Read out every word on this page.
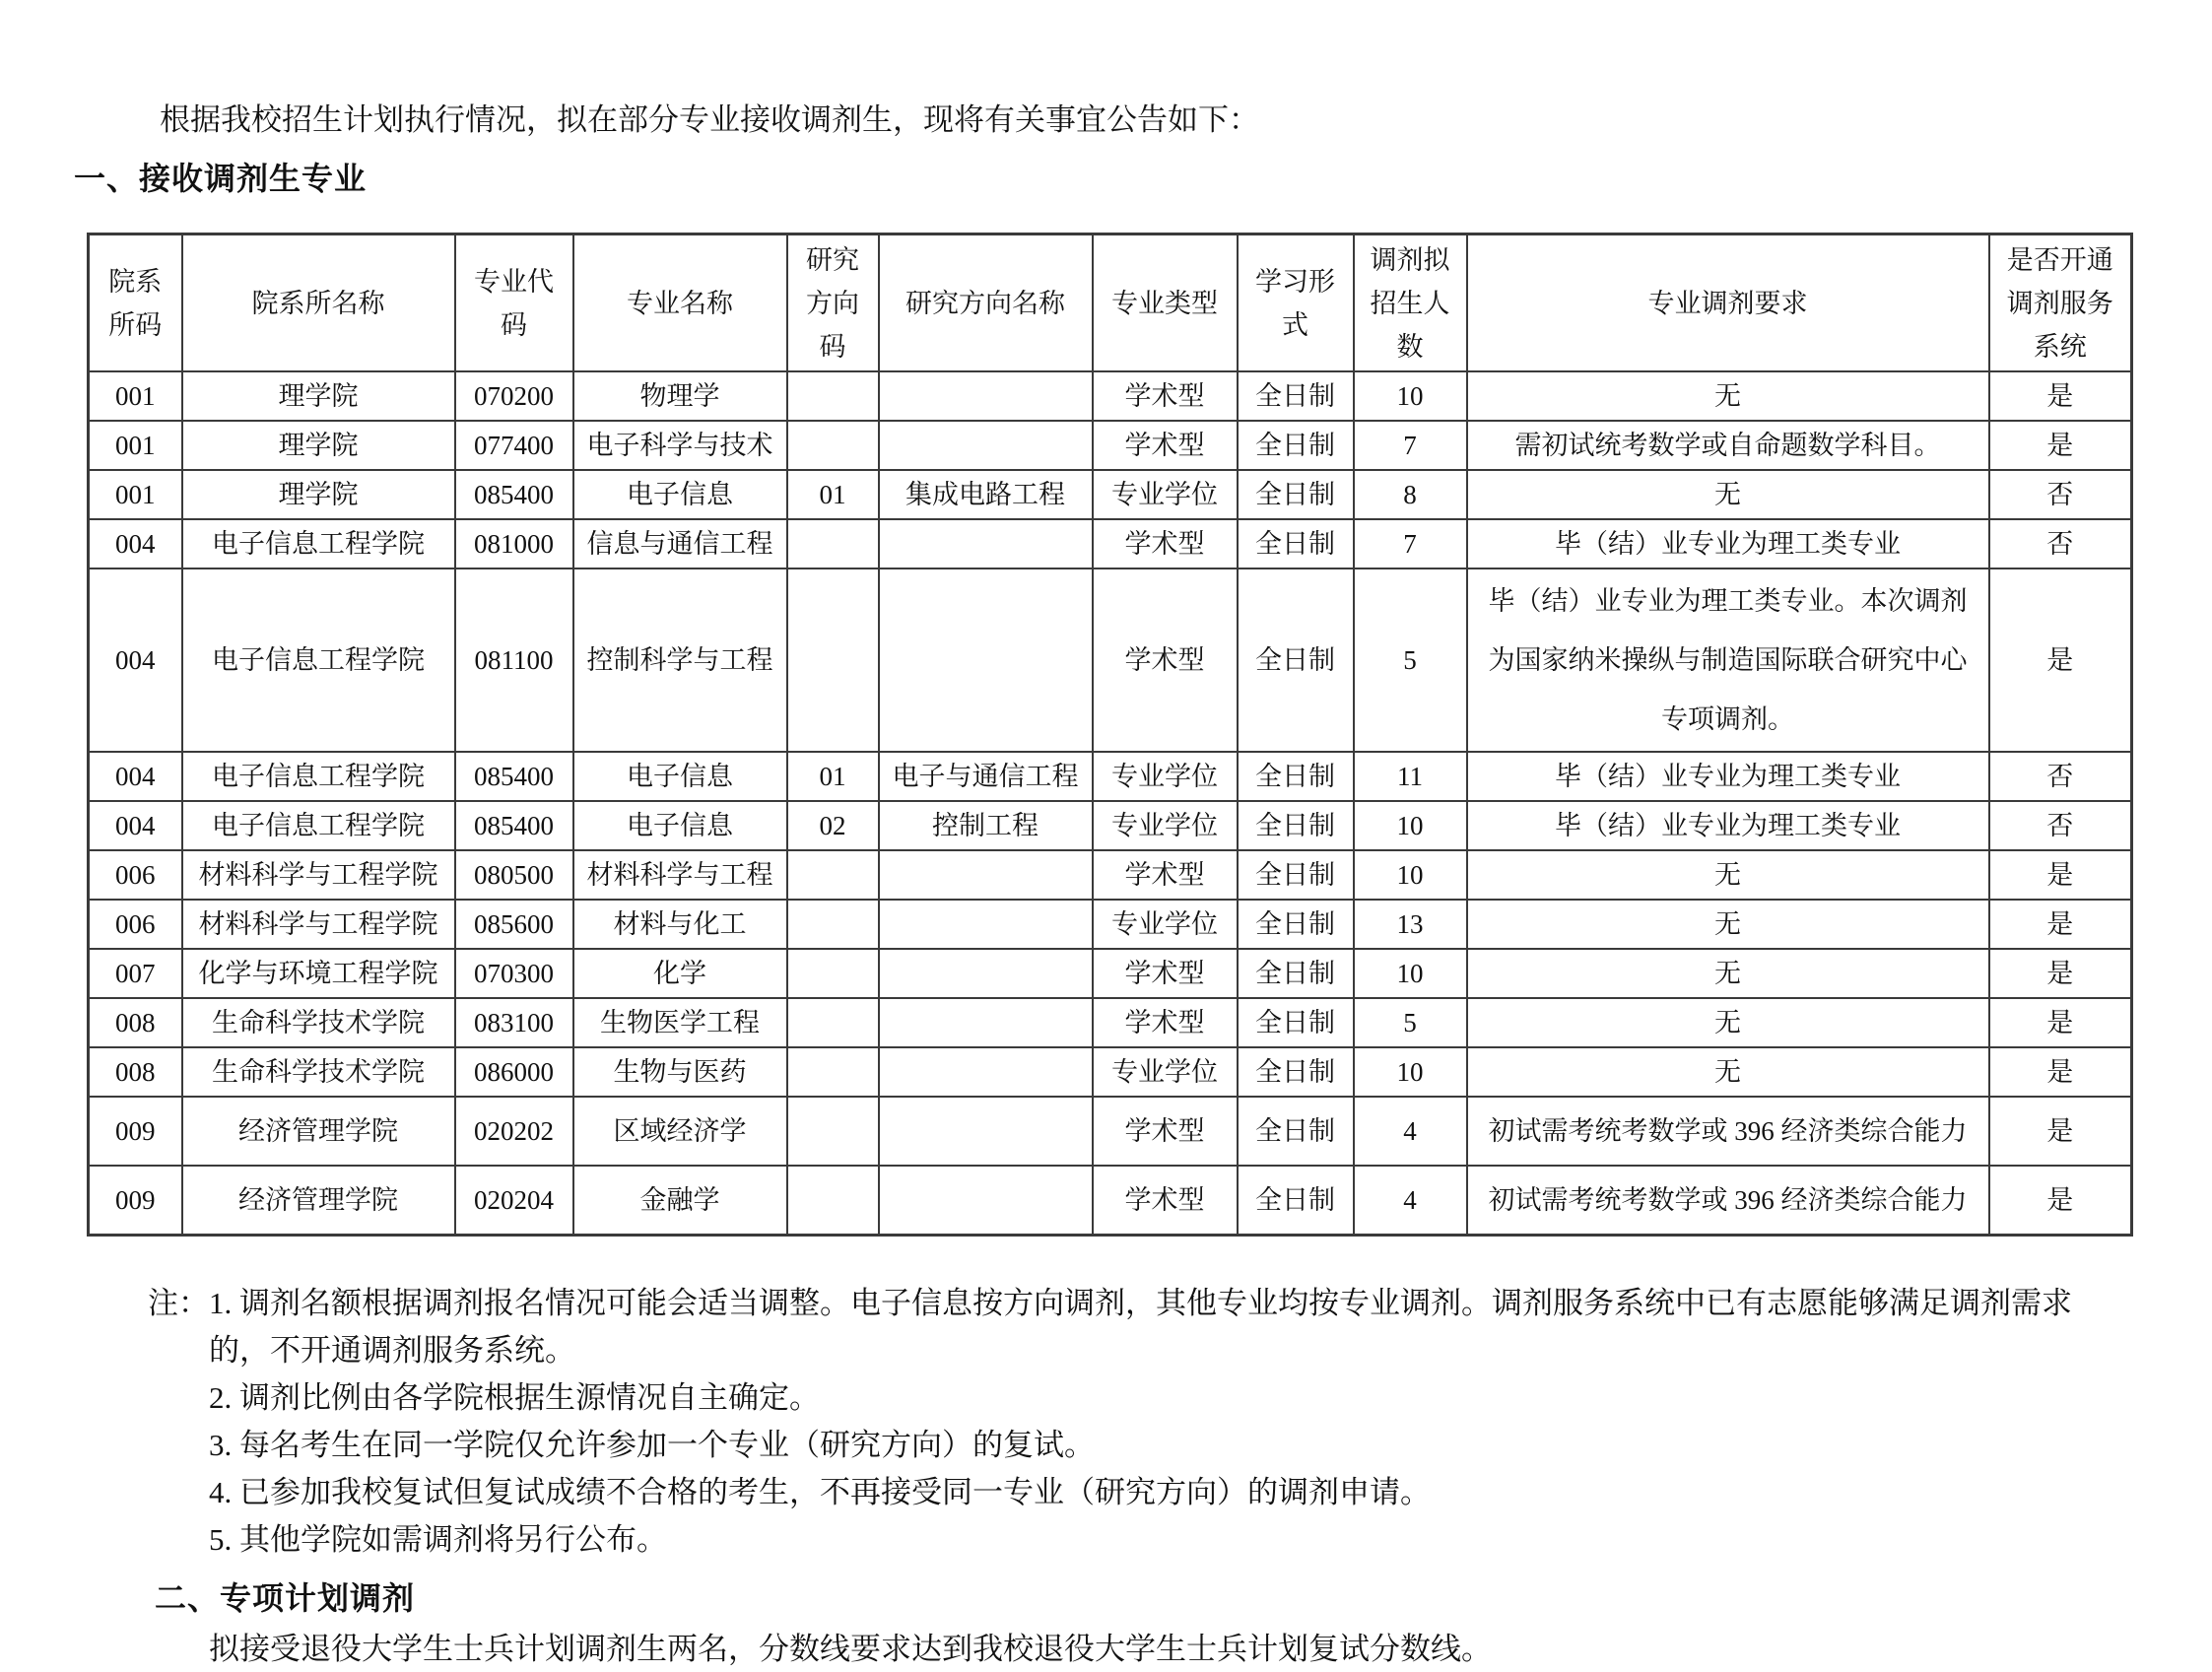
根据我校招生计划执行情况，拟在部分专业接收调剂生，现将有关事宜公告如下：
一、接收调剂生专业
院系所码	院系所名称	专业代码	专业名称	研究方向码	研究方向名称	专业类型	学习形式	调剂拟招生人数	专业调剂要求	是否开通调剂服务系统
001	理学院	070200	物理学			学术型	全日制	10	无	是
001	理学院	077400	电子科学与技术			学术型	全日制	7	需初试统考数学或自命题数学科目。	是
001	理学院	085400	电子信息	01	集成电路工程	专业学位	全日制	8	无	否
004	电子信息工程学院	081000	信息与通信工程			学术型	全日制	7	毕（结）业专业为理工类专业	否
004	电子信息工程学院	081100	控制科学与工程			学术型	全日制	5	毕（结）业专业为理工类专业。本次调剂为国家纳米操纵与制造国际联合研究中心专项调剂。	是
004	电子信息工程学院	085400	电子信息	01	电子与通信工程	专业学位	全日制	11	毕（结）业专业为理工类专业	否
004	电子信息工程学院	085400	电子信息	02	控制工程	专业学位	全日制	10	毕（结）业专业为理工类专业	否
006	材料科学与工程学院	080500	材料科学与工程			学术型	全日制	10	无	是
006	材料科学与工程学院	085600	材料与化工			专业学位	全日制	13	无	是
007	化学与环境工程学院	070300	化学			学术型	全日制	10	无	是
008	生命科学技术学院	083100	生物医学工程			学术型	全日制	5	无	是
008	生命科学技术学院	086000	生物与医药			专业学位	全日制	10	无	是
009	经济管理学院	020202	区域经济学			学术型	全日制	4	初试需考统考数学或 396 经济类综合能力	是
009	经济管理学院	020204	金融学			学术型	全日制	4	初试需考统考数学或 396 经济类综合能力	是
注：1. 调剂名额根据调剂报名情况可能会适当调整。电子信息按方向调剂，其他专业均按专业调剂。调剂服务系统中已有志愿能够满足调剂需求的，不开通调剂服务系统。
2. 调剂比例由各学院根据生源情况自主确定。
3. 每名考生在同一学院仅允许参加一个专业（研究方向）的复试。
4. 已参加我校复试但复试成绩不合格的考生，不再接受同一专业（研究方向）的调剂申请。
5. 其他学院如需调剂将另行公布。
二、专项计划调剂
拟接受退役大学生士兵计划调剂生两名，分数线要求达到我校退役大学生士兵计划复试分数线。
